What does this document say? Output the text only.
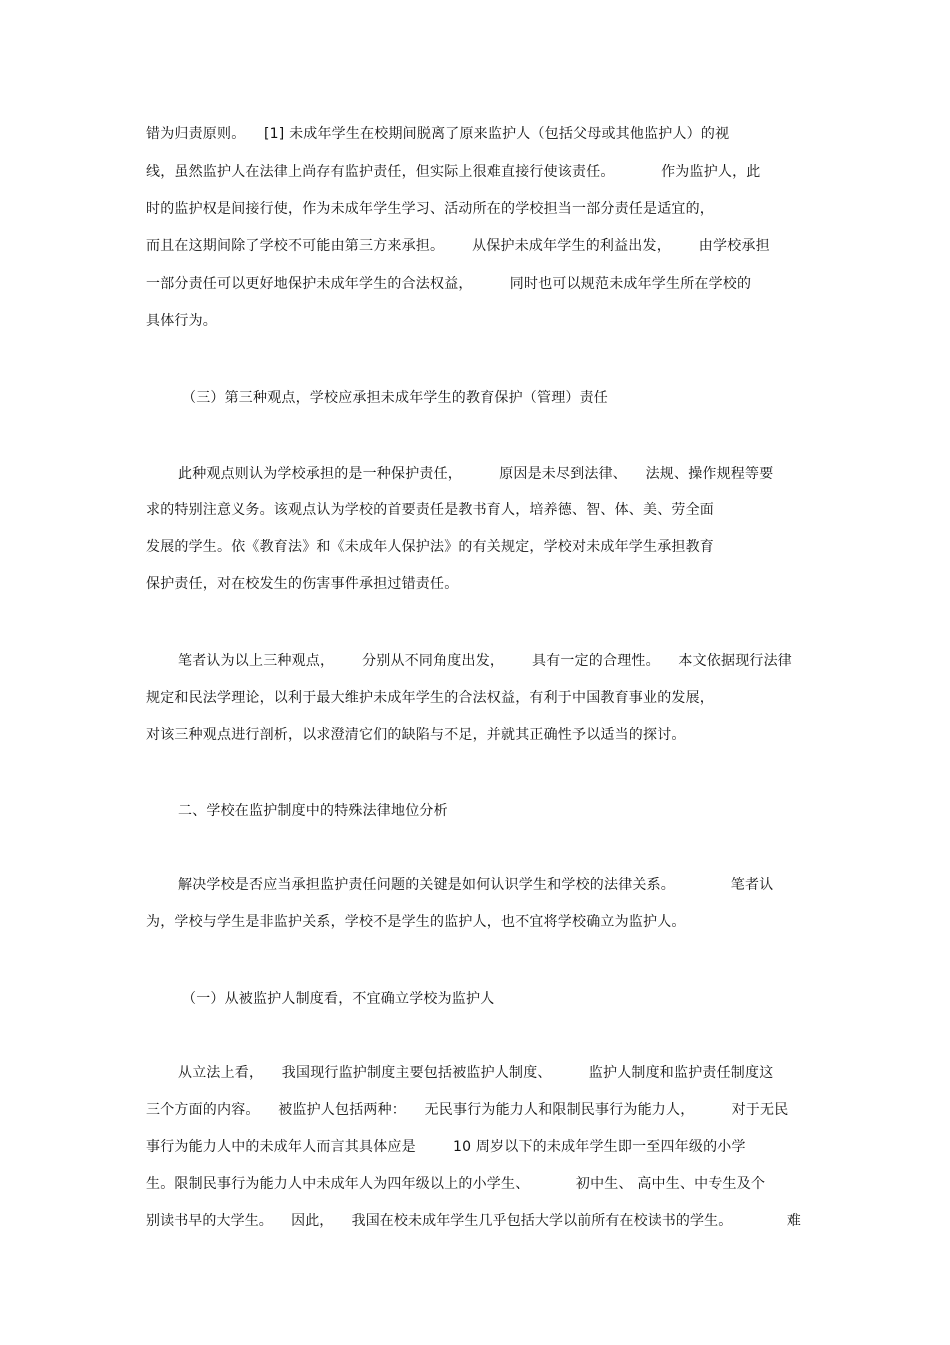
错为归责原则。    [1] 未成年学生在校期间脱离了原来监护人（包括父母或其他监护人）的视
线，虽然监护人在法律上尚存有监护责任，但实际上很难直接行使该责任。          作为监护人，此
时的监护权是间接行使，作为未成年学生学习、活动所在的学校担当一部分责任是适宜的，
而且在这期间除了学校不可能由第三方来承担。      从保护未成年学生的利益出发，      由学校承担
一部分责任可以更好地保护未成年学生的合法权益，        同时也可以规范未成年学生所在学校的
具体行为。
（三）第三种观点，学校应承担未成年学生的教育保护（管理）责任
此种观点则认为学校承担的是一种保护责任，        原因是未尽到法律、    法规、操作规程等要
求的特别注意义务。该观点认为学校的首要责任是教书育人，培养德、智、体、美、劳全面
发展的学生。依《教育法》和《未成年人保护法》的有关规定，学校对未成年学生承担教育
保护责任，对在校发生的伤害事件承担过错责任。
笔者认为以上三种观点，      分别从不同角度出发，      具有一定的合理性。    本文依据现行法律
规定和民法学理论，以利于最大维护未成年学生的合法权益，有利于中国教育事业的发展，
对该三种观点进行剖析，以求澄清它们的缺陷与不足，并就其正确性予以适当的探讨。
二、学校在监护制度中的特殊法律地位分析
解决学校是否应当承担监护责任问题的关键是如何认识学生和学校的法律关系。            笔者认
为，学校与学生是非监护关系，学校不是学生的监护人，也不宜将学校确立为监护人。
（一）从被监护人制度看，不宜确立学校为监护人
从立法上看，    我国现行监护制度主要包括被监护人制度、        监护人制度和监护责任制度这
三个方面的内容。    被监护人包括两种：    无民事行为能力人和限制民事行为能力人，        对于无民
事行为能力人中的未成年人而言其具体应是        10 周岁以下的未成年学生即一至四年级的小学
生。限制民事行为能力人中未成年人为四年级以上的小学生、          初中生、 高中生、中专生及个
别读书早的大学生。    因此，    我国在校未成年学生几乎包括大学以前所有在校读书的学生。            难
